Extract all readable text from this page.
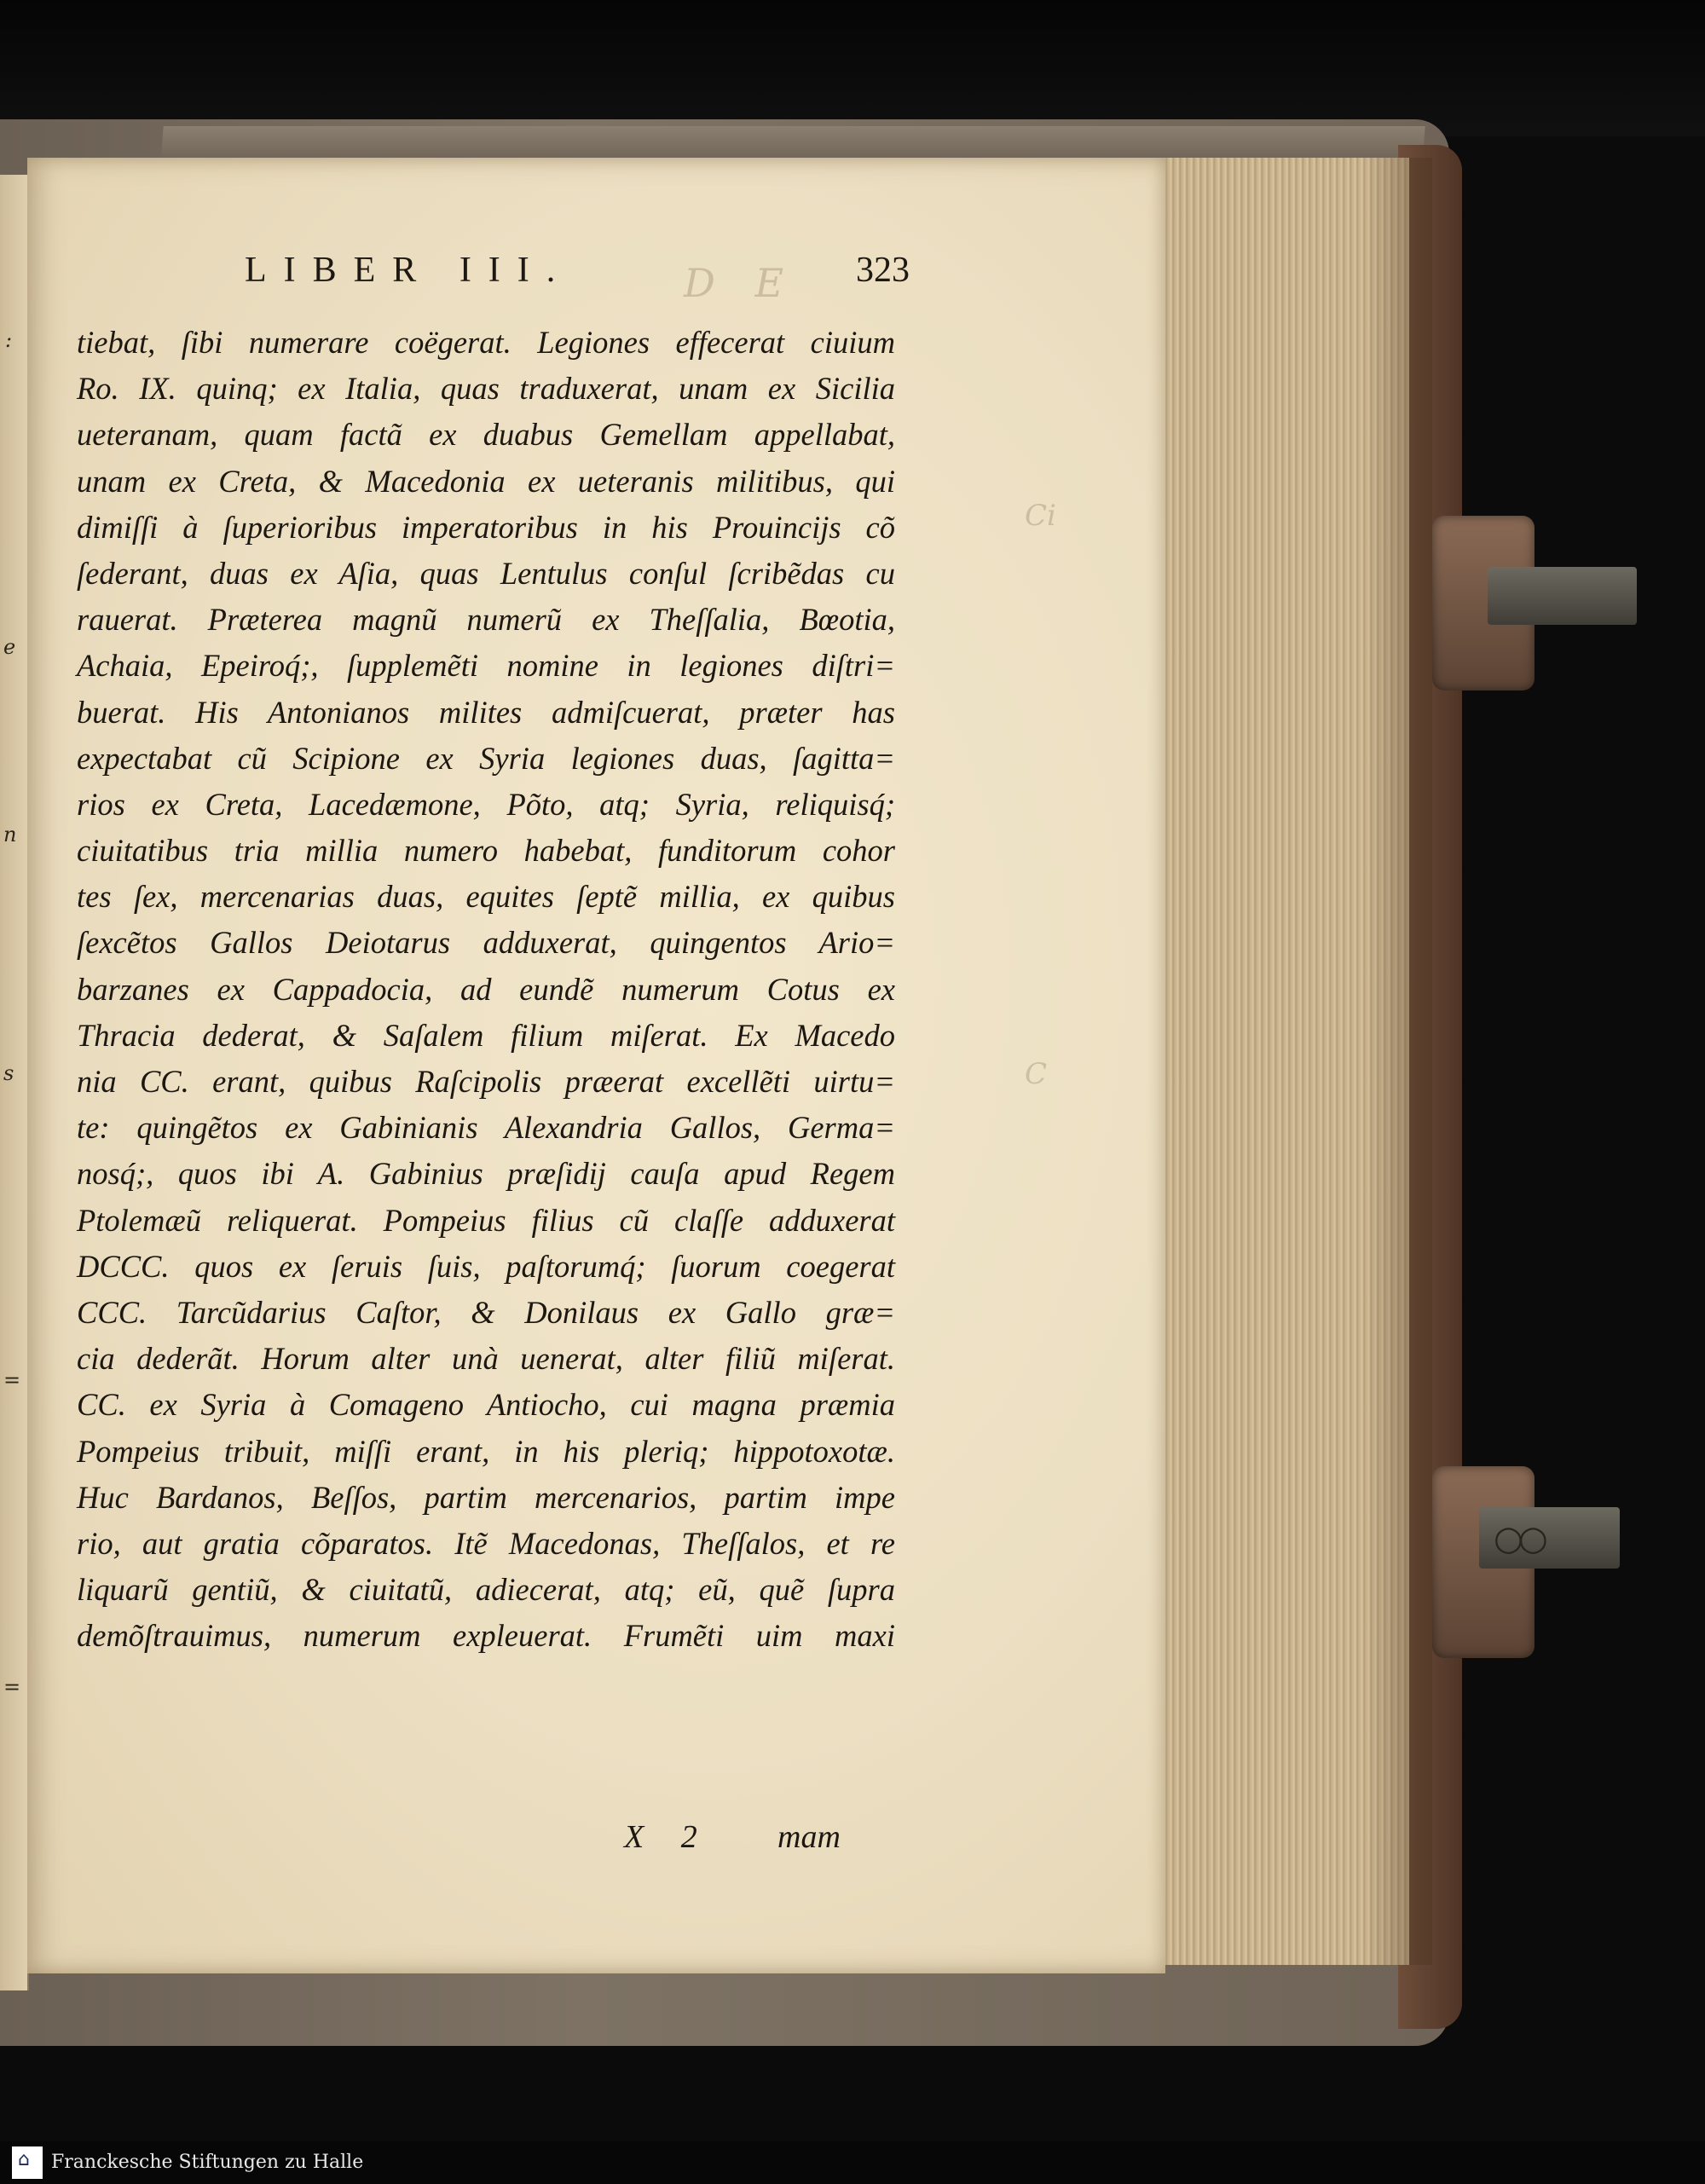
○○
:
e
n
s
=
=
D E
Ci
C
LIBER III.	323
tiebat, ſibi numerare coëgerat. Legiones effecerat ciuium
Ro. IX. quinq; ex Italia, quas traduxerat, unam ex Sicilia
ueteranam, quam factã ex duabus Gemellam appellabat,
unam ex Creta, & Macedonia ex ueteranis militibus, qui
dimiſſi à ſuperioribus imperatoribus in his Prouincijs cõ
ſederant, duas ex Aſia, quas Lentulus conſul ſcribẽdas cu
rauerat. Præterea magnũ numerũ ex Theſſalia, Bœotia,
Achaia, Epeiroq́;, ſupplemẽti nomine in legiones diſtri=
buerat. His Antonianos milites admiſcuerat, præter has
expectabat cũ Scipione ex Syria legiones duas, ſagitta=
rios ex Creta, Lacedæmone, Põto, atq; Syria, reliquisq́;
ciuitatibus tria millia numero habebat, funditorum cohor
tes ſex, mercenarias duas, equites ſeptẽ millia, ex quibus
ſexcẽtos Gallos Deiotarus adduxerat, quingentos Ario=
barzanes ex Cappadocia, ad eundẽ numerum Cotus ex
Thracia dederat, & Saſalem filium miſerat. Ex Macedo
nia CC. erant, quibus Raſcipolis præerat excellẽti uirtu=
te: quingẽtos ex Gabinianis Alexandria Gallos, Germa=
nosq́;, quos ibi A. Gabinius præſidij cauſa apud Regem
Ptolemæũ reliquerat. Pompeius filius cũ claſſe adduxerat
DCCC. quos ex ſeruis ſuis, paſtorumq́; ſuorum coegerat
CCC. Tarcũdarius Caſtor, & Donilaus ex Gallo græ=
cia dederãt. Horum alter unà uenerat, alter filiũ miſerat.
CC. ex Syria à Comageno Antiocho, cui magna præmia
Pompeius tribuit, miſſi erant, in his pleriq; hippotoxotæ.
Huc Bardanos, Beſſos, partim mercenarios, partim impe
rio, aut gratia cõparatos. Itẽ Macedonas, Theſſalos, et re
liquarũ gentiũ, & ciuitatũ, adiecerat, atq; eũ, quẽ ſupra
demõſtrauimus, numerum expleuerat. Frumẽti uim maxi
X 2 mam
⌂ Franckesche Stiftungen zu Halle
